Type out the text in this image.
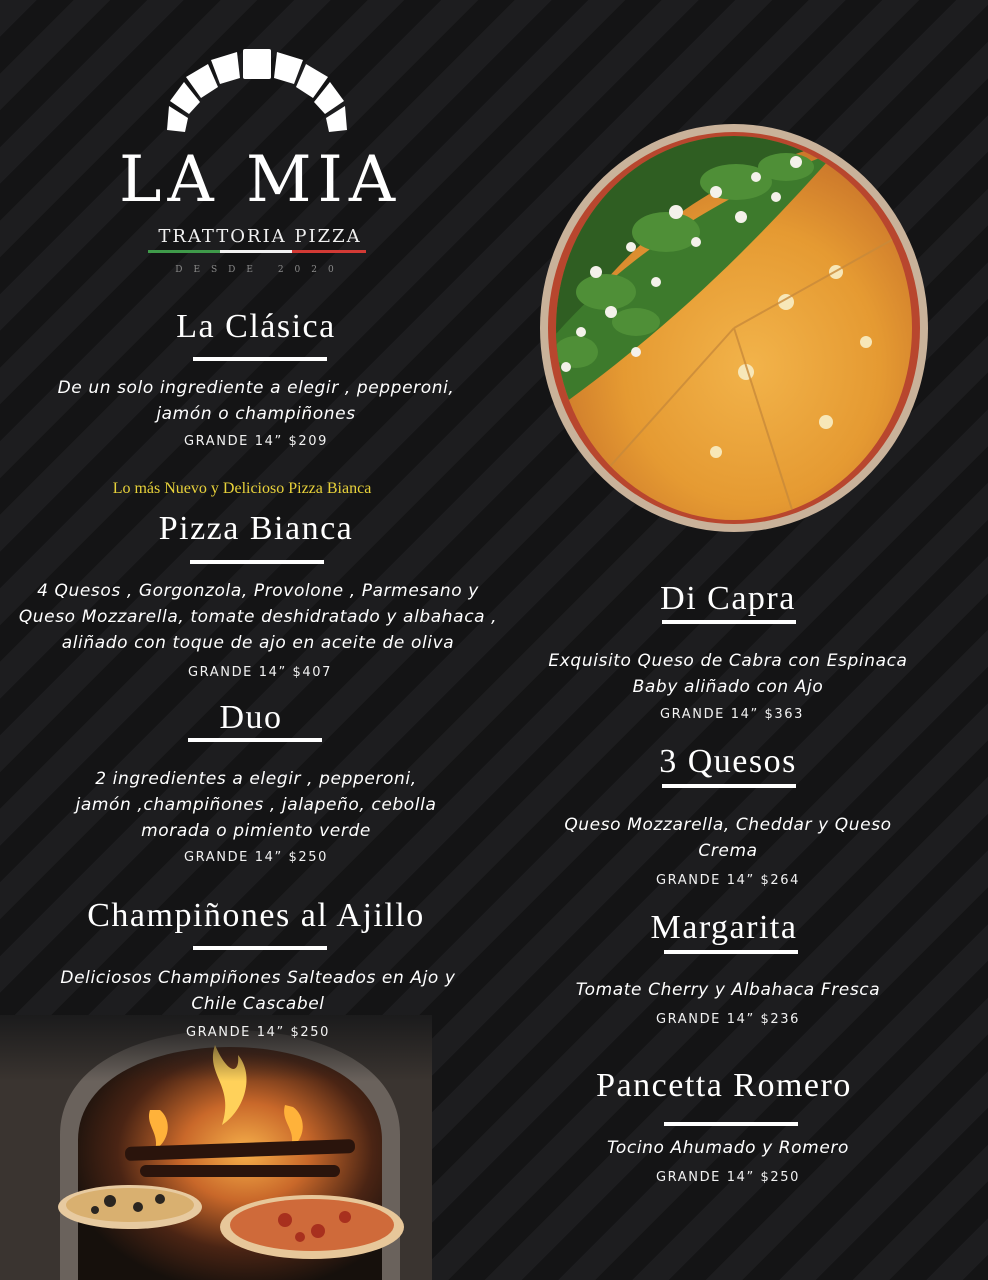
LA MIA
TRATTORIA PIZZA
DESDE 2020
La Clásica
De un solo ingrediente a elegir , pepperoni,
jamón o champiñones
GRANDE 14” $209
Lo más Nuevo y Delicioso Pizza Bianca
Pizza Bianca
4 Quesos , Gorgonzola, Provolone , Parmesano y
Queso Mozzarella, tomate deshidratado y albahaca ,
aliñado con toque de ajo en aceite de oliva
GRANDE 14” $407
Duo
2 ingredientes a elegir , pepperoni,
jamón ,champiñones , jalapeño, cebolla
morada o pimiento verde
GRANDE 14” $250
Champiñones al Ajillo
Deliciosos Champiñones Salteados en Ajo y
Chile Cascabel
GRANDE 14” $250
Di Capra
Exquisito Queso de Cabra con Espinaca
Baby aliñado con Ajo
GRANDE 14” $363
3 Quesos
Queso Mozzarella, Cheddar y Queso
Crema
GRANDE 14” $264
Margarita
Tomate Cherry y Albahaca Fresca
GRANDE 14” $236
Pancetta Romero
Tocino Ahumado y Romero
GRANDE 14” $250
